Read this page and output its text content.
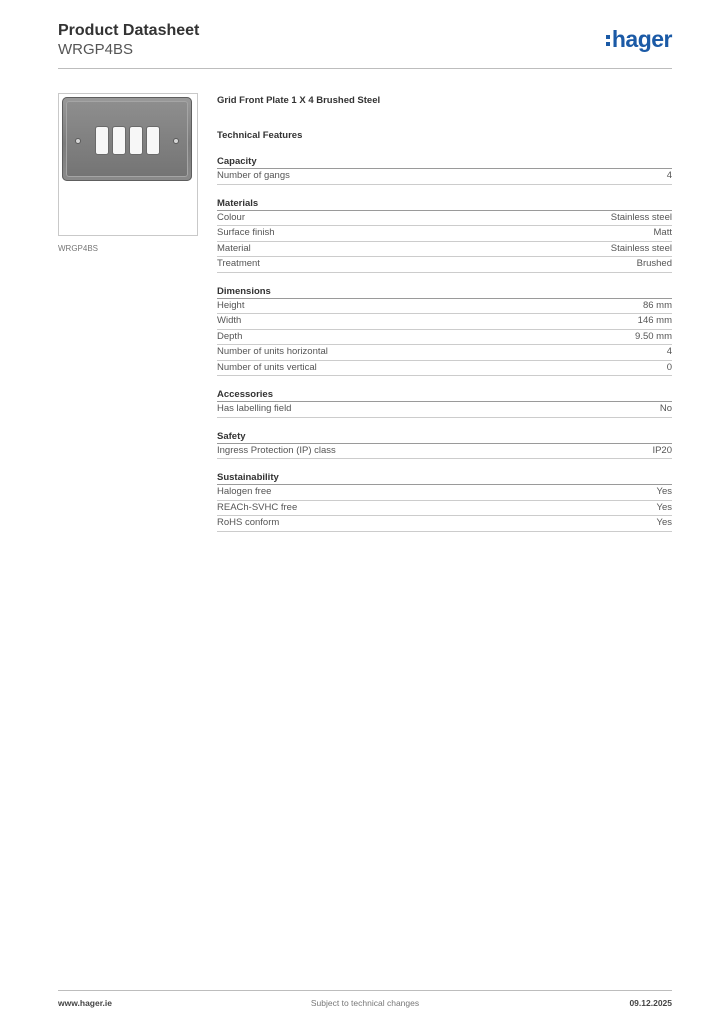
Product Datasheet
WRGP4BS	hager
WRGP4BS
Grid Front Plate 1 X 4 Brushed Steel
Technical Features
Capacity
Number of gangs	4
Materials
Colour	Stainless steel
Surface finish	Matt
Material	Stainless steel
Treatment	Brushed
Dimensions
Height	86 mm
Width	146 mm
Depth	9.50 mm
Number of units horizontal	4
Number of units vertical	0
Accessories
Has labelling field	No
Safety
Ingress Protection (IP) class	IP20
Sustainability
Halogen free	Yes
REACh-SVHC free	Yes
RoHS conform	Yes
www.hager.ie	Subject to technical changes	09.12.2025
